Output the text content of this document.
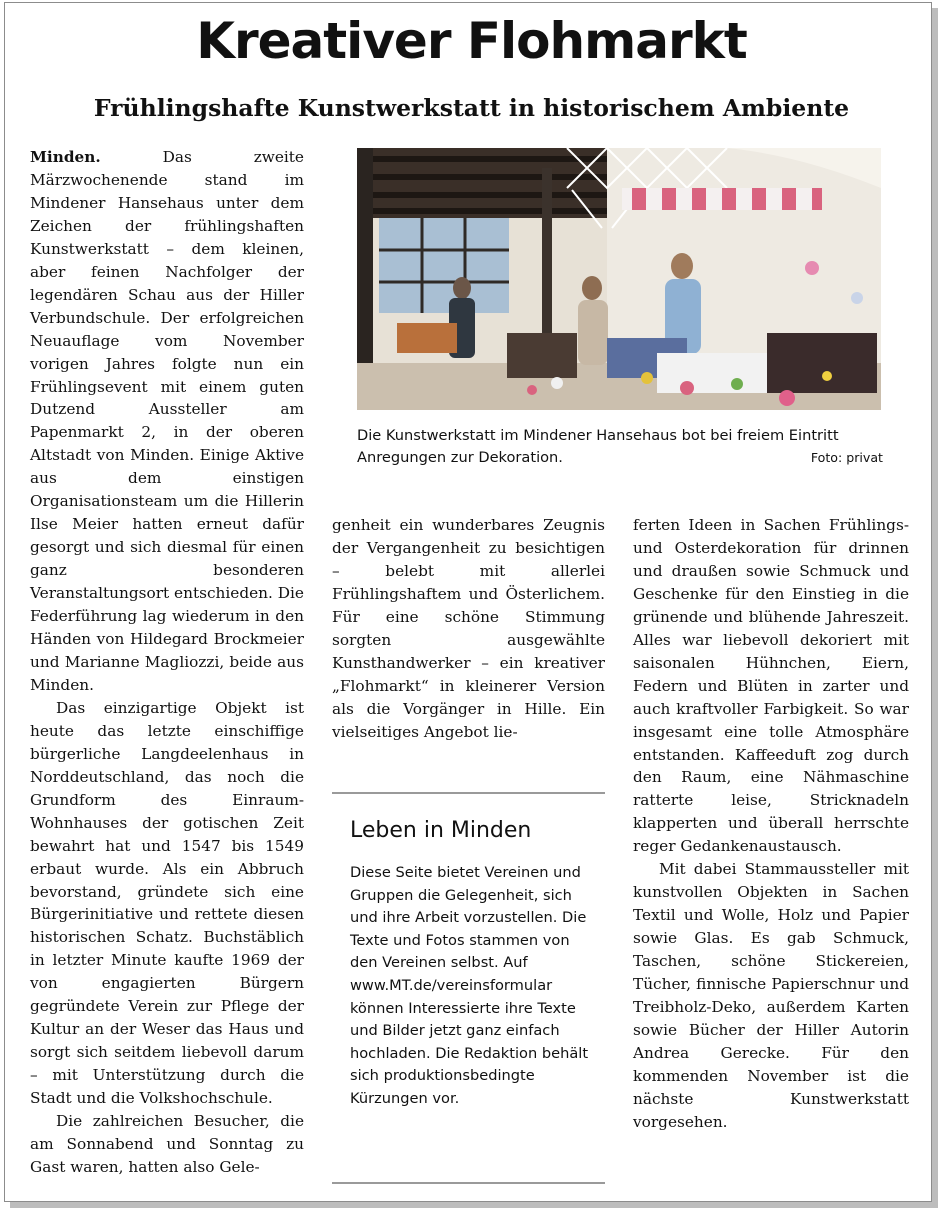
Kreativer Flohmarkt
Frühlingshafte Kunstwerkstatt in historischem Ambiente

Minden.	Das zweite Märzwochenende stand im Mindener Hansehaus unter dem Zeichen der frühlingshaften Kunstwerkstatt – dem kleinen, aber feinen Nachfolger der legendären Schau aus der Hiller Verbundschule. Der erfolgreichen Neuauflage vom November vorigen Jahres folgte nun ein Frühlingsevent mit einem guten Dutzend Aussteller am Papenmarkt 2, in der oberen Altstadt von Minden. Einige Aktive aus dem einstigen Organisationsteam um die Hillerin Ilse Meier hatten erneut dafür gesorgt und sich diesmal für einen ganz besonderen Veranstaltungsort entschieden. Die Federführung lag wiederum in den Händen von Hildegard Brockmeier und Marianne Magliozzi, beide aus Minden.

Das einzigartige Objekt ist heute das letzte einschiffige bürgerliche Langdeelenhaus in Norddeutschland, das noch die Grundform des Einraum-Wohnhauses der gotischen Zeit bewahrt hat und 1547 bis 1549 erbaut wurde. Als ein Abbruch bevorstand, gründete sich eine Bürgerinitiative und rettete diesen historischen Schatz. Buchstäblich in letzter Minute kaufte 1969 der von engagierten Bürgern gegründete Verein zur Pflege der Kultur an der Weser das Haus und sorgt sich seitdem liebevoll darum – mit Unterstützung durch die Stadt und die Volkshochschule.

Die zahlreichen Besucher, die am Sonnabend und Sonntag zu Gast waren, hatten also Gele-

Die Kunstwerkstatt im Mindener Hansehaus bot bei freiem Eintritt Anregungen zur Dekoration.	Foto: privat

genheit ein wunderbares Zeugnis der Vergangenheit zu besichtigen – belebt mit allerlei Frühlingshaftem und Österlichem. Für eine schöne Stimmung sorgten ausgewählte Kunsthandwerker – ein kreativer „Flohmarkt“ in kleinerer Version als die Vorgänger in Hille. Ein vielseitiges Angebot lie-

Leben in Minden
Diese Seite bietet Vereinen und Gruppen die Gelegenheit, sich und ihre Arbeit vorzustellen. Die Texte und Fotos stammen von den Vereinen selbst. Auf www.MT.de/vereinsformular können Interessierte ihre Texte und Bilder jetzt ganz einfach hochladen. Die Redaktion behält sich produktionsbedingte Kürzungen vor.

ferten Ideen in Sachen Frühlings- und Osterdekoration für drinnen und draußen sowie Schmuck und Geschenke für den Einstieg in die grünende und blühende Jahreszeit. Alles war liebevoll dekoriert mit saisonalen Hühnchen, Eiern, Federn und Blüten in zarter und auch kraftvoller Farbigkeit. So war insgesamt eine tolle Atmosphäre entstanden. Kaffeeduft zog durch den Raum, eine Nähmaschine ratterte leise, Stricknadeln klapperten und überall herrschte reger Gedankenaustausch.

Mit dabei Stammaussteller mit kunstvollen Objekten in Sachen Textil und Wolle, Holz und Papier sowie Glas. Es gab Schmuck, Taschen, schöne Stickereien, Tücher, finnische Papierschnur und Treibholz-Deko, außerdem Karten sowie Bücher der Hiller Autorin Andrea Gerecke. Für den kommenden November ist die nächste Kunstwerkstatt vorgesehen.
